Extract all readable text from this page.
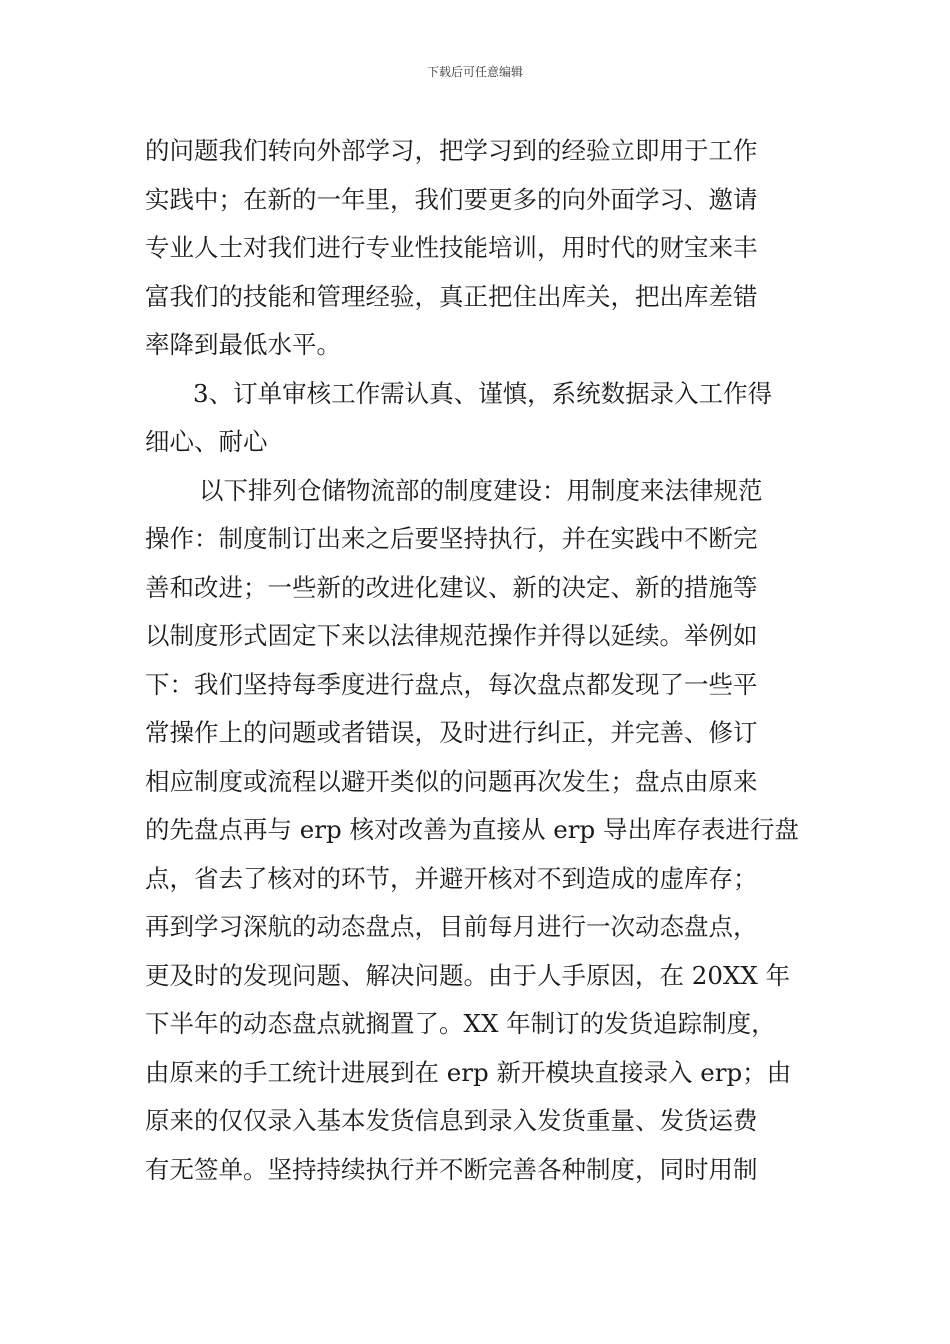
下载后可任意编辑
的问题我们转向外部学习，把学习到的经验立即用于工作
实践中；在新的一年里，我们要更多的向外面学习、邀请
专业人士对我们进行专业性技能培训，用时代的财宝来丰
富我们的技能和管理经验，真正把住出库关，把出库差错
率降到最低水平。
3、订单审核工作需认真、谨慎，系统数据录入工作得
细心、耐心
以下排列仓储物流部的制度建设：用制度来法律规范
操作：制度制订出来之后要坚持执行，并在实践中不断完
善和改进；一些新的改进化建议、新的决定、新的措施等
以制度形式固定下来以法律规范操作并得以延续。举例如
下：我们坚持每季度进行盘点，每次盘点都发现了一些平
常操作上的问题或者错误，及时进行纠正，并完善、修订
相应制度或流程以避开类似的问题再次发生；盘点由原来
的先盘点再与 erp 核对改善为直接从 erp 导出库存表进行盘
点，省去了核对的环节，并避开核对不到造成的虚库存；
再到学习深航的动态盘点，目前每月进行一次动态盘点，
更及时的发现问题、解决问题。由于人手原因，在 20XX 年
下半年的动态盘点就搁置了。XX 年制订的发货追踪制度，
由原来的手工统计进展到在 erp 新开模块直接录入 erp；由
原来的仅仅录入基本发货信息到录入发货重量、发货运费
有无签单。坚持持续执行并不断完善各种制度，同时用制
